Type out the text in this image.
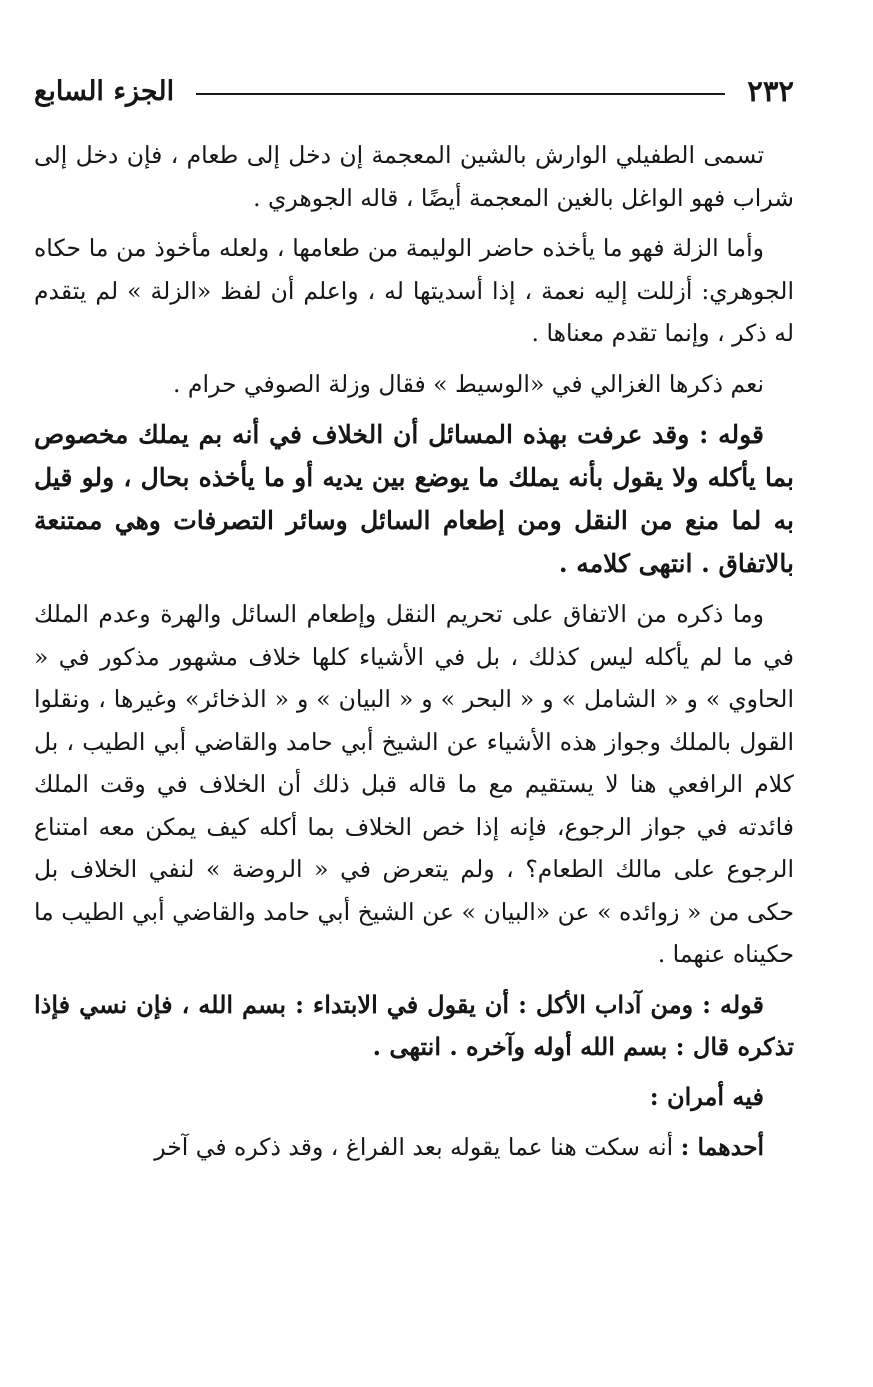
٢٣٢
الجزء السابع

تسمى الطفيلي الوارش بالشين المعجمة إن دخل إلى طعام ، فإن دخل إلى شراب فهو الواغل بالغين المعجمة أيضًا ، قاله الجوهري .

وأما الزلة فهو ما يأخذه حاضر الوليمة من طعامها ، ولعله مأخوذ من ما حكاه الجوهري: أزللت إليه نعمة ، إذا أسديتها له ، واعلم أن لفظ «الزلة » لم يتقدم له ذكر ، وإنما تقدم معناها .

نعم ذكرها الغزالي في «الوسيط » فقال وزلة الصوفي حرام .

قوله : وقد عرفت بهذه المسائل أن الخلاف في أنه بم يملك مخصوص بما يأكله ولا يقول بأنه يملك ما يوضع بين يديه أو ما يأخذه بحال ، ولو قيل به لما منع من النقل ومن إطعام السائل وسائر التصرفات وهي ممتنعة بالاتفاق . انتهى كلامه .

وما ذكره من الاتفاق على تحريم النقل وإطعام السائل والهرة وعدم الملك في ما لم يأكله ليس كذلك ، بل في الأشياء كلها خلاف مشهور مذكور في « الحاوي » و « الشامل » و « البحر » و « البيان » و « الذخائر» وغيرها ، ونقلوا القول بالملك وجواز هذه الأشياء عن الشيخ أبي حامد والقاضي أبي الطيب ، بل كلام الرافعي هنا لا يستقيم مع ما قاله قبل ذلك أن الخلاف في وقت الملك فائدته في جواز الرجوع، فإنه إذا خص الخلاف بما أكله كيف يمكن معه امتناع الرجوع على مالك الطعام؟ ، ولم يتعرض في « الروضة » لنفي الخلاف بل حكى من « زوائده » عن «البيان » عن الشيخ أبي حامد والقاضي أبي الطيب ما حكيناه عنهما .

قوله : ومن آداب الأكل : أن يقول في الابتداء : بسم الله ، فإن نسي فإذا تذكره قال : بسم الله أوله وآخره . انتهى .

فيه أمران :

أحدهما : أنه سكت هنا عما يقوله بعد الفراغ ، وقد ذكره في آخر
